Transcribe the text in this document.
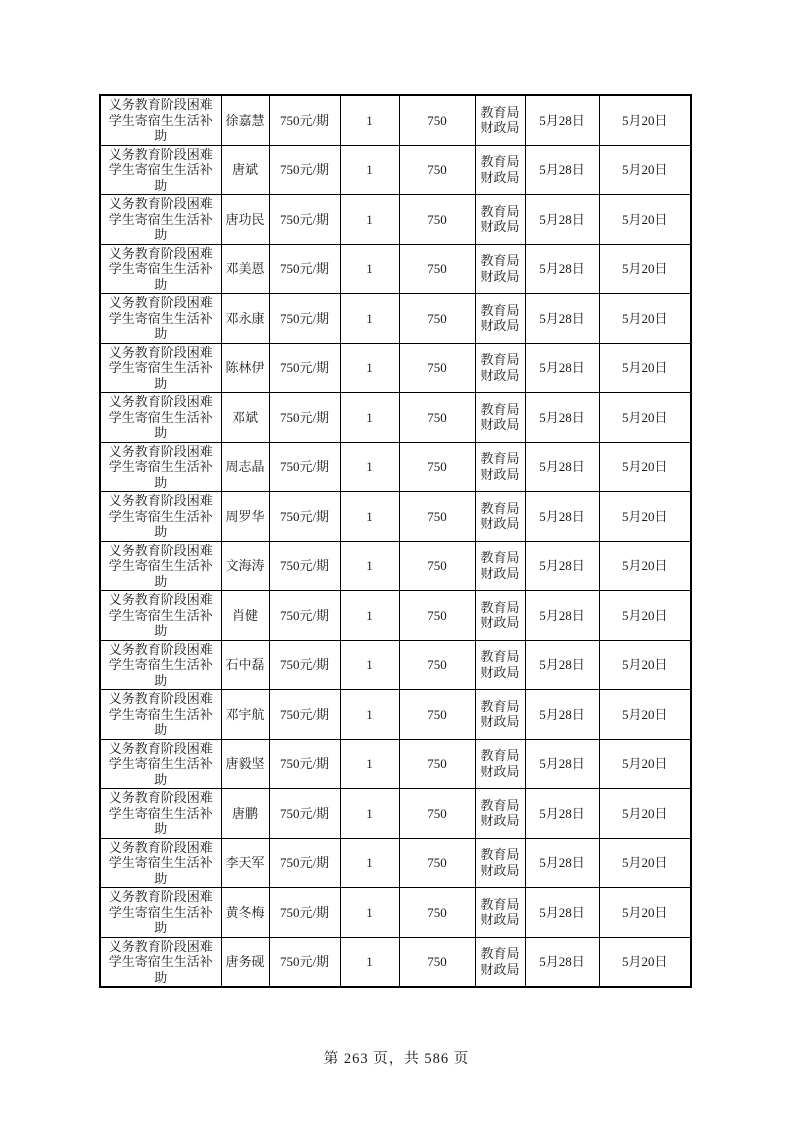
义务教育阶段困难学生寄宿生生活补助	徐嘉慧	750元/期	1	750	教育局财政局	5月28日	5月20日
义务教育阶段困难学生寄宿生生活补助	唐斌	750元/期	1	750	教育局财政局	5月28日	5月20日
义务教育阶段困难学生寄宿生生活补助	唐功民	750元/期	1	750	教育局财政局	5月28日	5月20日
义务教育阶段困难学生寄宿生生活补助	邓美恩	750元/期	1	750	教育局财政局	5月28日	5月20日
义务教育阶段困难学生寄宿生生活补助	邓永康	750元/期	1	750	教育局财政局	5月28日	5月20日
义务教育阶段困难学生寄宿生生活补助	陈林伊	750元/期	1	750	教育局财政局	5月28日	5月20日
义务教育阶段困难学生寄宿生生活补助	邓斌	750元/期	1	750	教育局财政局	5月28日	5月20日
义务教育阶段困难学生寄宿生生活补助	周志晶	750元/期	1	750	教育局财政局	5月28日	5月20日
义务教育阶段困难学生寄宿生生活补助	周罗华	750元/期	1	750	教育局财政局	5月28日	5月20日
义务教育阶段困难学生寄宿生生活补助	文海涛	750元/期	1	750	教育局财政局	5月28日	5月20日
义务教育阶段困难学生寄宿生生活补助	肖健	750元/期	1	750	教育局财政局	5月28日	5月20日
义务教育阶段困难学生寄宿生生活补助	石中磊	750元/期	1	750	教育局财政局	5月28日	5月20日
义务教育阶段困难学生寄宿生生活补助	邓宇航	750元/期	1	750	教育局财政局	5月28日	5月20日
义务教育阶段困难学生寄宿生生活补助	唐毅坚	750元/期	1	750	教育局财政局	5月28日	5月20日
义务教育阶段困难学生寄宿生生活补助	唐鹏	750元/期	1	750	教育局财政局	5月28日	5月20日
义务教育阶段困难学生寄宿生生活补助	李天军	750元/期	1	750	教育局财政局	5月28日	5月20日
义务教育阶段困难学生寄宿生生活补助	黄冬梅	750元/期	1	750	教育局财政局	5月28日	5月20日
义务教育阶段困难学生寄宿生生活补助	唐务砚	750元/期	1	750	教育局财政局	5月28日	5月20日
第 263 页，共 586 页
